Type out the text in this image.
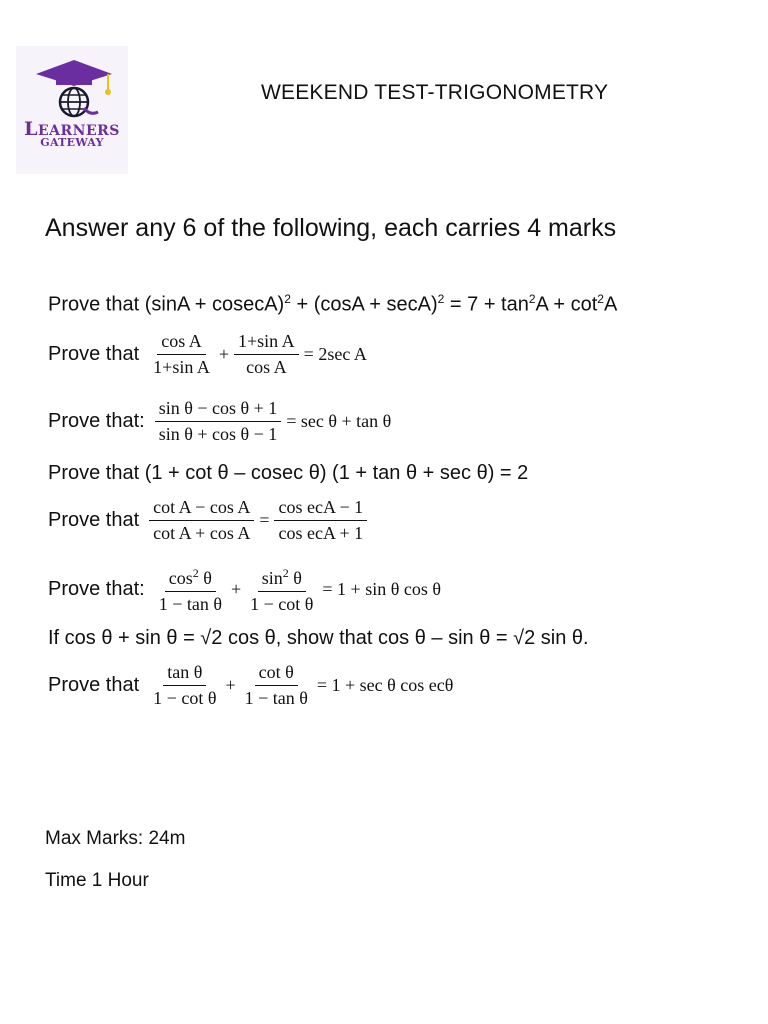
LEARNERS
GATEWAY
WEEKEND TEST-TRIGONOMETRY
Answer any 6 of the following, each carries 4 marks
Prove that $(\sin A + cosecA)^2 + (\cos A + \sec A)^2 = 7 + \tan^2A + \cot^2A$
Prove that $\frac{\text{cos A}}{\text{1+sin A}} + \frac{\text{1+sin A}}{\text{cos A}} = 2\sec$ A
Prove that: $\frac{\text{sin θ − cos θ + 1}}{\text{sin θ + cos θ − 1}} = \sec \theta + \tan \theta$
Prove that (1 + cot θ – cosec θ) (1 + tan θ + sec θ) = 2
Prove that $\frac{\text{cot A − cos A}}{\text{cot A + cos A}} = \frac{\text{cos ecA − 1}}{\text{cos ecA + 1}}$
Prove that: $\frac{\cos^2 \theta}{\text{1 − tan θ}} + \frac{\sin^2 \theta}{\text{1 − cot θ}} = 1 + \sin \theta$ cos θ
If cos θ + sin θ = √2 cos θ, show that cos θ – sin θ = √2 sin θ.
Prove that $\frac{\text{tan θ}}{\text{1 − cot θ}} + \frac{\text{cot θ}}{\text{1 − tan θ}} = 1 + \sec \theta$ cos ecθ
Max Marks: 24m
Time 1 Hour
